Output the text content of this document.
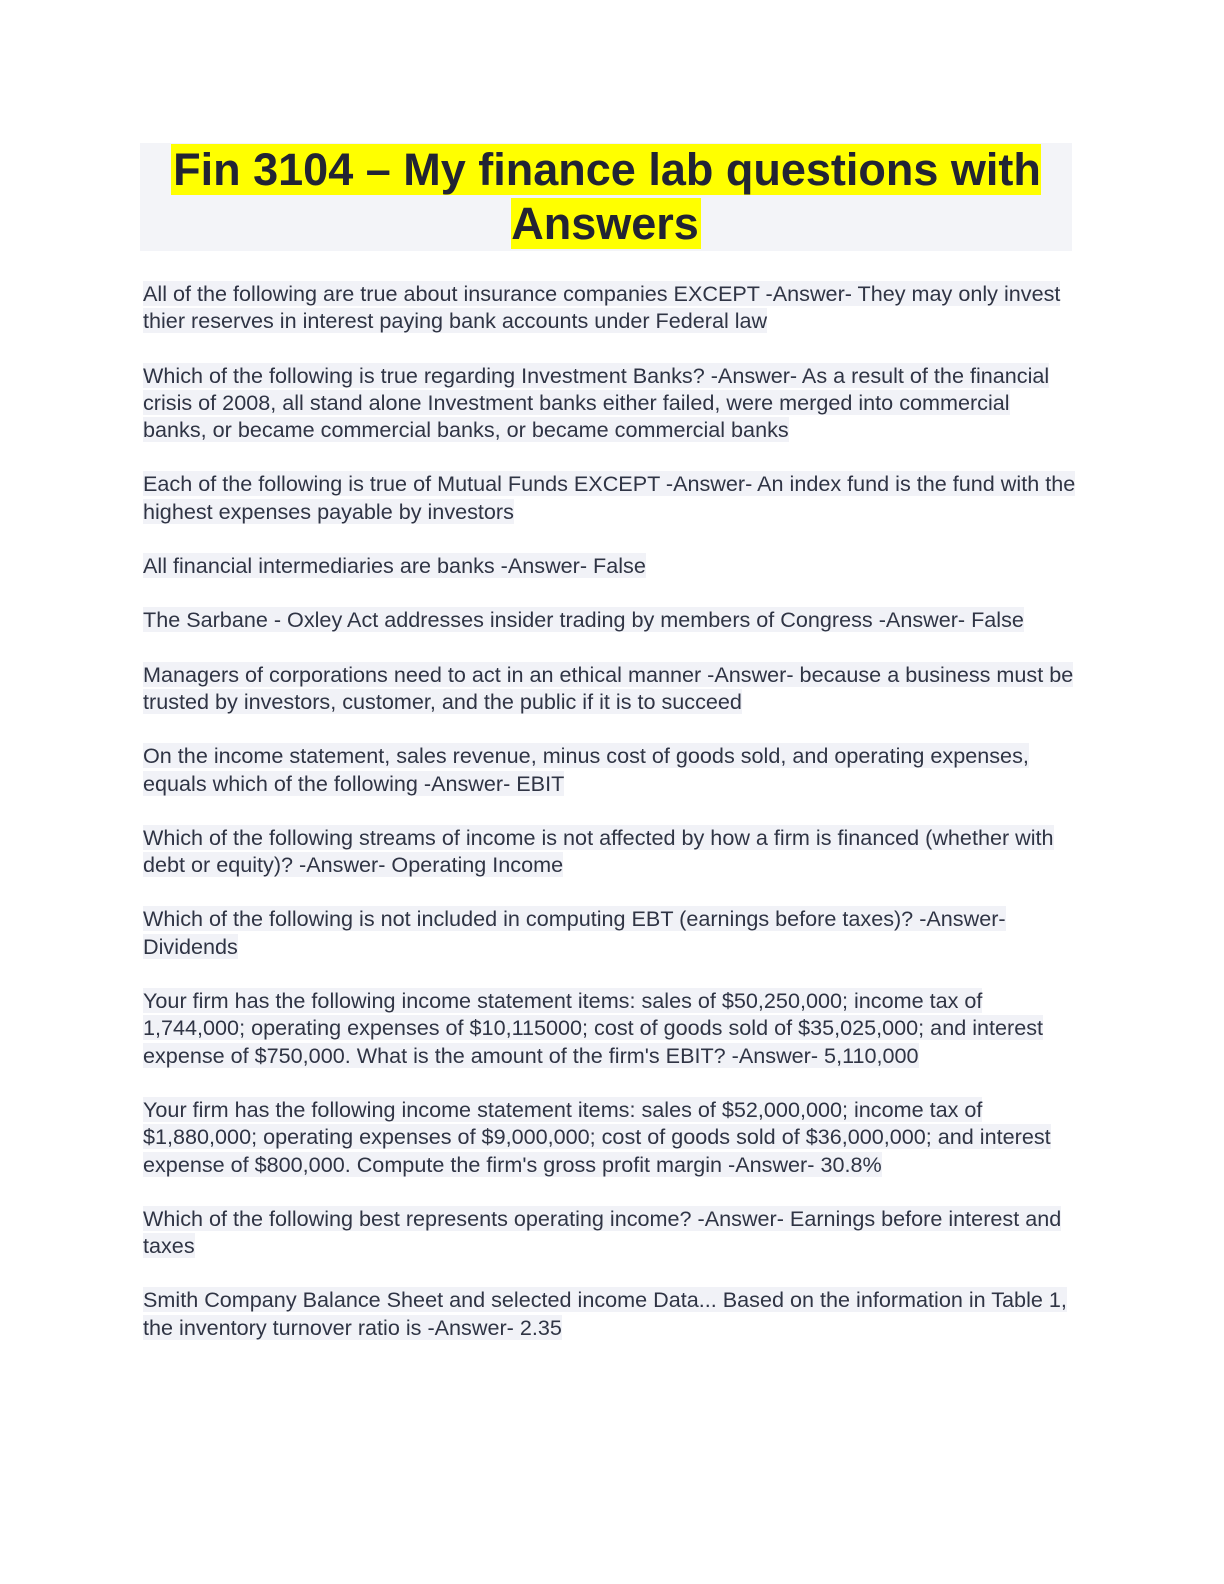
Fin 3104 – My finance lab questions with Answers

All of the following are true about insurance companies EXCEPT -Answer- They may only invest thier reserves in interest paying bank accounts under Federal law

Which of the following is true regarding Investment Banks? -Answer- As a result of the financial crisis of 2008, all stand alone Investment banks either failed, were merged into commercial banks, or became commercial banks, or became commercial banks

Each of the following is true of Mutual Funds EXCEPT -Answer- An index fund is the fund with the highest expenses payable by investors

All financial intermediaries are banks -Answer- False

The Sarbane - Oxley Act addresses insider trading by members of Congress -Answer- False

Managers of corporations need to act in an ethical manner -Answer- because a business must be trusted by investors, customer, and the public if it is to succeed

On the income statement, sales revenue, minus cost of goods sold, and operating expenses, equals which of the following -Answer- EBIT

Which of the following streams of income is not affected by how a firm is financed (whether with debt or equity)? -Answer- Operating Income

Which of the following is not included in computing EBT (earnings before taxes)? -Answer- Dividends

Your firm has the following income statement items: sales of $50,250,000; income tax of 1,744,000; operating expenses of $10,115000; cost of goods sold of $35,025,000; and interest expense of $750,000. What is the amount of the firm's EBIT? -Answer- 5,110,000

Your firm has the following income statement items: sales of $52,000,000; income tax of $1,880,000; operating expenses of $9,000,000; cost of goods sold of $36,000,000; and interest expense of $800,000. Compute the firm's gross profit margin -Answer- 30.8%

Which of the following best represents operating income? -Answer- Earnings before interest and taxes

Smith Company Balance Sheet and selected income Data... Based on the information in Table 1, the inventory turnover ratio is -Answer- 2.35
